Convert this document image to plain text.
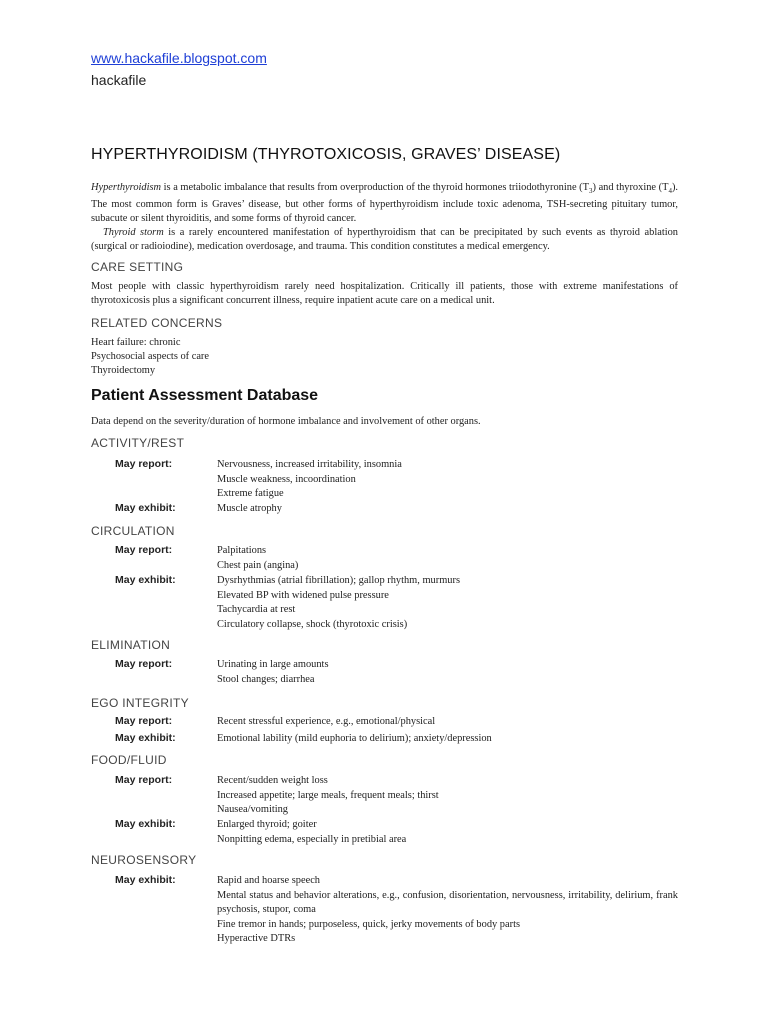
www.hackafile.blogspot.com
hackafile
HYPERTHYROIDISM (THYROTOXICOSIS, GRAVES’ DISEASE)

Hyperthyroidism is a metabolic imbalance that results from overproduction of the thyroid hormones triiodothyronine $(T_3)$ and thyroxine $(T_4)$. The most common form is Graves’ disease, but other forms of hyperthyroidism include toxic adenoma, TSH-secreting pituitary tumor, subacute or silent thyroiditis, and some forms of thyroid cancer.

Thyroid storm is a rarely encountered manifestation of hyperthyroidism that can be precipitated by such events as thyroid ablation (surgical or radioiodine), medication overdosage, and trauma. This condition constitutes a medical emergency.

CARE SETTING

Most people with classic hyperthyroidism rarely need hospitalization. Critically ill patients, those with extreme manifestations of thyrotoxicosis plus a significant concurrent illness, require inpatient acute care on a medical unit.

RELATED CONCERNS
Heart failure: chronic
Psychosocial aspects of care
Thyroidectomy
Patient Assessment Database

Data depend on the severity/duration of hormone imbalance and involvement of other organs.

ACTIVITY/REST
May report:	Nervousness, increased irritability, insomnia
Muscle weakness, incoordination
Extreme fatigue
May exhibit:	Muscle atrophy
CIRCULATION
May report:	Palpitations
Chest pain (angina)
May exhibit:	Dysrhythmias (atrial fibrillation); gallop rhythm, murmurs
Elevated BP with widened pulse pressure
Tachycardia at rest
Circulatory collapse, shock (thyrotoxic crisis)
ELIMINATION
May report:	Urinating in large amounts
Stool changes; diarrhea
EGO INTEGRITY
May report:	Recent stressful experience, e.g., emotional/physical
May exhibit:	Emotional lability (mild euphoria to delirium); anxiety/depression
FOOD/FLUID
May report:	Recent/sudden weight loss
Increased appetite; large meals, frequent meals; thirst
Nausea/vomiting
May exhibit:	Enlarged thyroid; goiter
Nonpitting edema, especially in pretibial area
NEUROSENSORY
May exhibit:	Rapid and hoarse speech
Mental status and behavior alterations, e.g., confusion, disorientation, nervousness, irritability, delirium, frank psychosis, stupor, coma
Fine tremor in hands; purposeless, quick, jerky movements of body parts
Hyperactive DTRs
